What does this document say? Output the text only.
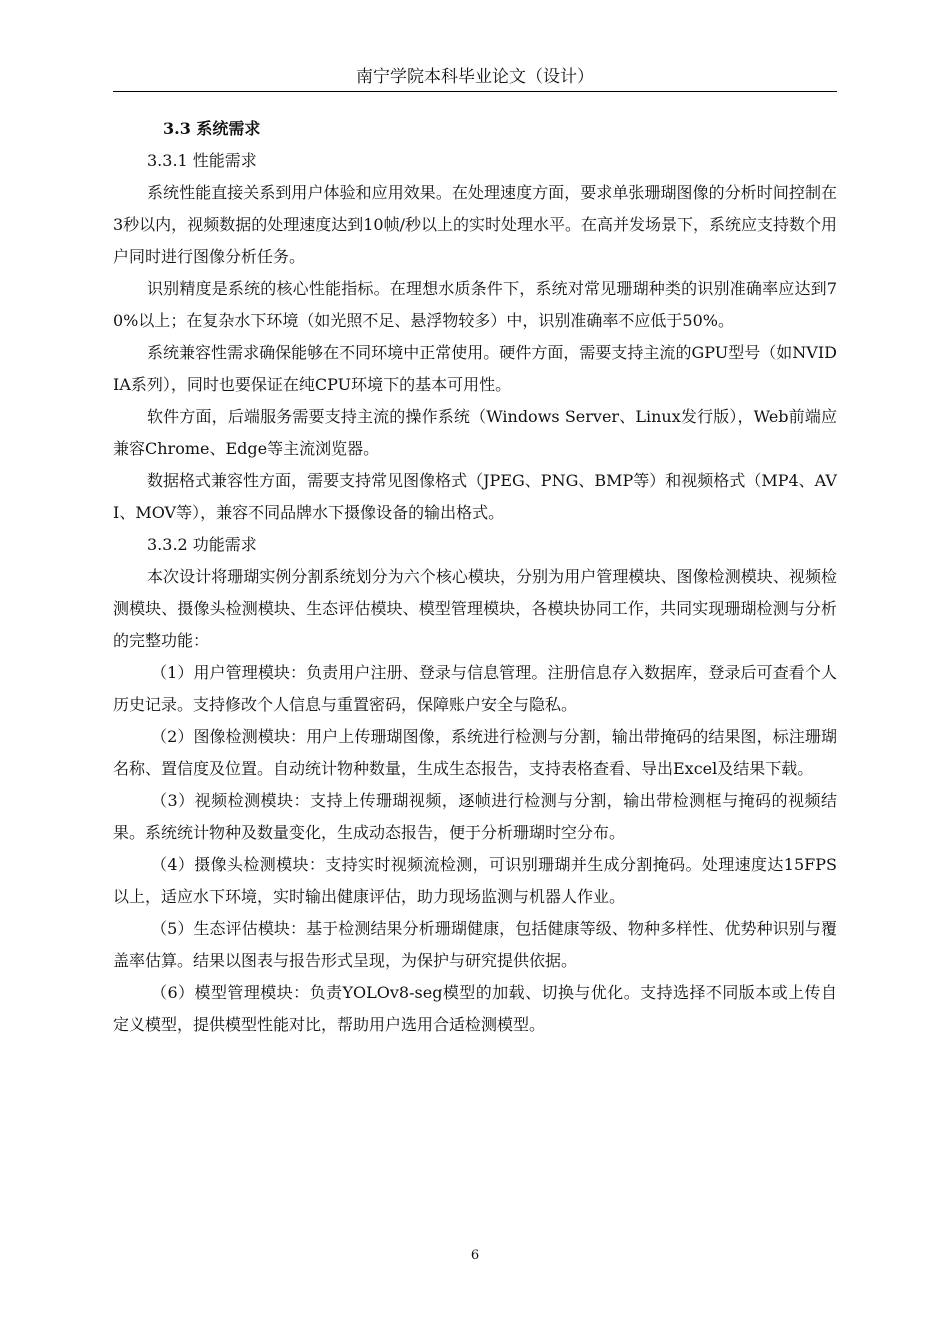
南宁学院本科毕业论文（设计）
3.3 系统需求
3.3.1 性能需求

系统性能直接关系到用户体验和应用效果。在处理速度方面，要求单张珊瑚图像的分析时间控制在3秒以内，视频数据的处理速度达到10帧/秒以上的实时处理水平。在高并发场景下，系统应支持数个用户同时进行图像分析任务。

识别精度是系统的核心性能指标。在理想水质条件下，系统对常见珊瑚种类的识别准确率应达到70%以上；在复杂水下环境（如光照不足、悬浮物较多）中，识别准确率不应低于50%。

系统兼容性需求确保能够在不同环境中正常使用。硬件方面，需要支持主流的GPU型号（如NVIDIA系列），同时也要保证在纯CPU环境下的基本可用性。

软件方面，后端服务需要支持主流的操作系统（Windows Server、Linux发行版），Web前端应兼容Chrome、Edge等主流浏览器。

数据格式兼容性方面，需要支持常见图像格式（JPEG、PNG、BMP等）和视频格式（MP4、AVI、MOV等），兼容不同品牌水下摄像设备的输出格式。

3.3.2 功能需求

本次设计将珊瑚实例分割系统划分为六个核心模块，分别为用户管理模块、图像检测模块、视频检测模块、摄像头检测模块、生态评估模块、模型管理模块，各模块协同工作，共同实现珊瑚检测与分析的完整功能：

（1）用户管理模块：负责用户注册、登录与信息管理。注册信息存入数据库，登录后可查看个人历史记录。支持修改个人信息与重置密码，保障账户安全与隐私。

（2）图像检测模块：用户上传珊瑚图像，系统进行检测与分割，输出带掩码的结果图，标注珊瑚名称、置信度及位置。自动统计物种数量，生成生态报告，支持表格查看、导出Excel及结果下载。

（3）视频检测模块：支持上传珊瑚视频，逐帧进行检测与分割，输出带检测框与掩码的视频结果。系统统计物种及数量变化，生成动态报告，便于分析珊瑚时空分布。

（4）摄像头检测模块：支持实时视频流检测，可识别珊瑚并生成分割掩码。处理速度达15FPS以上，适应水下环境，实时输出健康评估，助力现场监测与机器人作业。

（5）生态评估模块：基于检测结果分析珊瑚健康，包括健康等级、物种多样性、优势种识别与覆盖率估算。结果以图表与报告形式呈现，为保护与研究提供依据。

（6）模型管理模块：负责YOLOv8-seg模型的加载、切换与优化。支持选择不同版本或上传自定义模型，提供模型性能对比，帮助用户选用合适检测模型。

6
